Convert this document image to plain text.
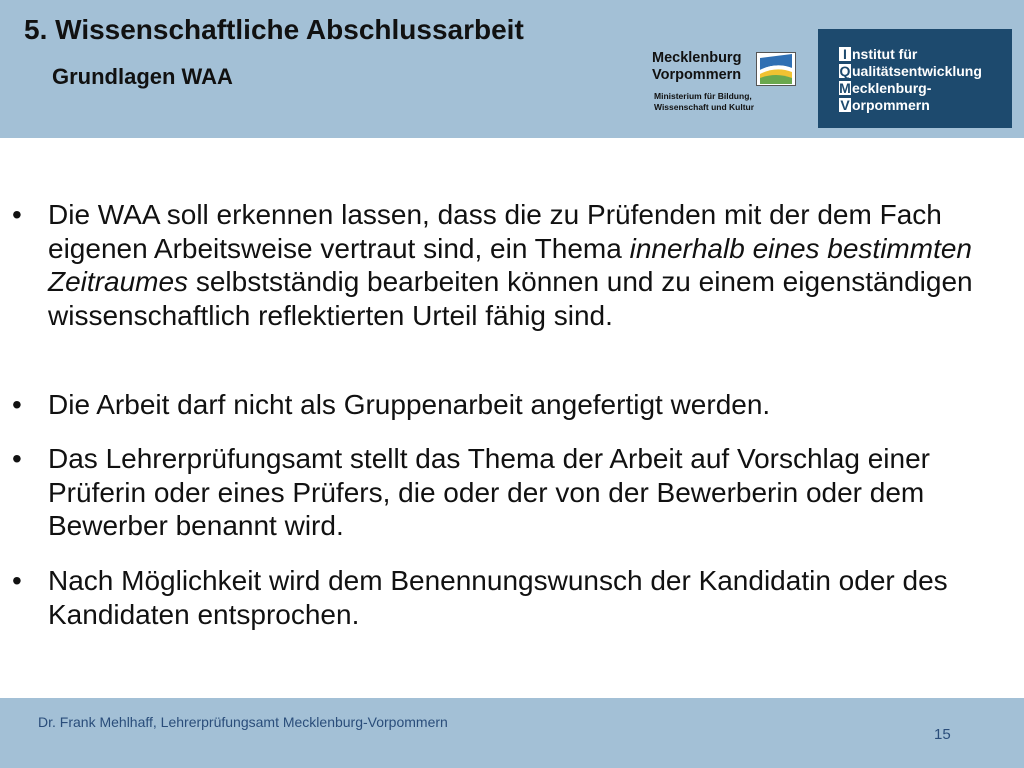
5. Wissenschaftliche Abschlussarbeit
Grundlagen WAA
Mecklenburg
Vorpommern
Ministerium für Bildung,
Wissenschaft und Kultur
I nstitut für
Q ualitätsentwicklung
Mecklenburg-
V orpommern
• Die WAA soll erkennen lassen, dass die zu Prüfenden mit der dem Fach eigenen Arbeitsweise vertraut sind, ein Thema innerhalb eines bestimmten Zeitraumes selbstständig bearbeiten können und zu einem eigenständigen wissenschaftlich reflektierten Urteil fähig sind.
• Die Arbeit darf nicht als Gruppenarbeit angefertigt werden.
• Das Lehrerprüfungsamt stellt das Thema der Arbeit auf Vorschlag einer Prüferin oder eines Prüfers, die oder der von der Bewerberin oder dem Bewerber benannt wird.
• Nach Möglichkeit wird dem Benennungswunsch der Kandidatin oder des Kandidaten entsprochen.
Dr. Frank Mehlhaff, Lehrerprüfungsamt Mecklenburg-Vorpommern
15
